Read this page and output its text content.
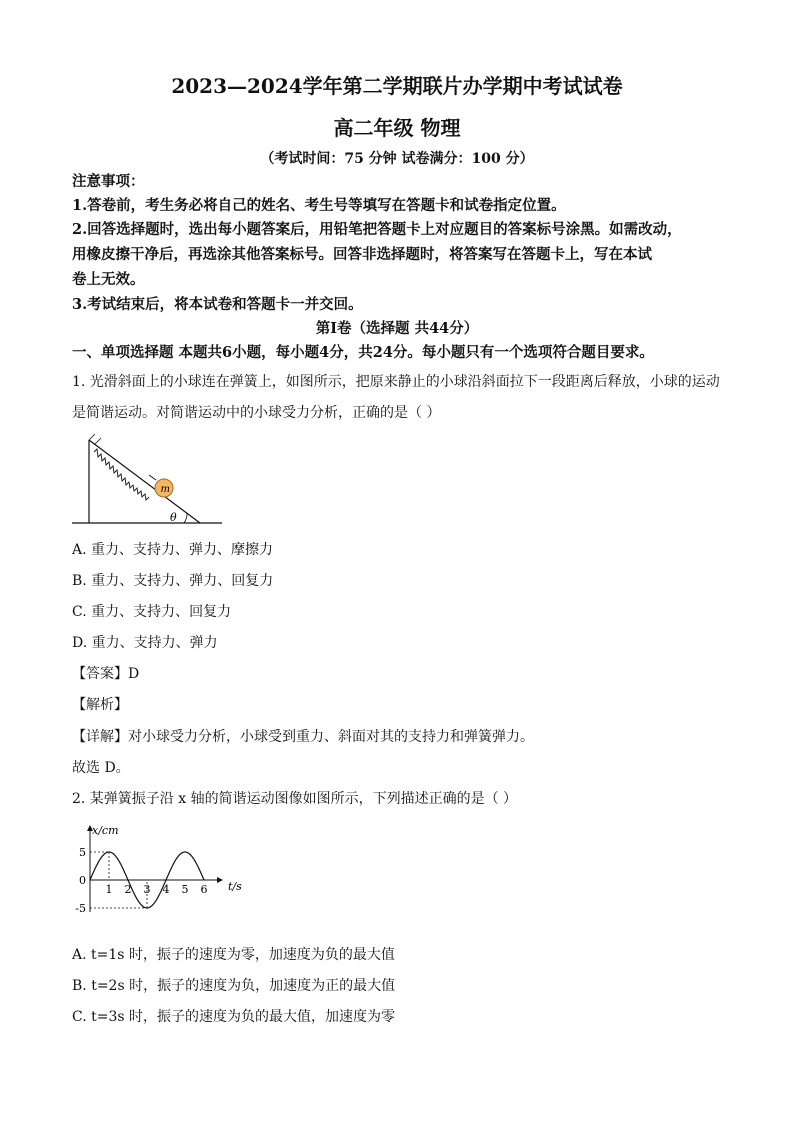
2023—2024学年第二学期联片办学期中考试试卷
高二年级 物理
（考试时间：75 分钟 试卷满分：100 分）
注意事项：
1.答卷前，考生务必将自己的姓名、考生号等填写在答题卡和试卷指定位置。
2.回答选择题时，选出每小题答案后，用铅笔把答题卡上对应题目的答案标号涂黑。如需改动，
用橡皮擦干净后，再选涂其他答案标号。回答非选择题时，将答案写在答题卡上，写在本试
卷上无效。
3.考试结束后，将本试卷和答题卡一并交回。
第Ⅰ卷（选择题 共44分）
一、单项选择题 本题共6小题，每小题4分，共24分。每小题只有一个选项符合题目要求。
1. 光滑斜面上的小球连在弹簧上，如图所示，把原来静止的小球沿斜面拉下一段距离后释放，小球的运动
是简谐运动。对简谐运动中的小球受力分析，正确的是（ ）
m
θ
A. 重力、支持力、弹力、摩擦力
B. 重力、支持力、弹力、回复力
C. 重力、支持力、回复力
D. 重力、支持力、弹力
【答案】D
【解析】
【详解】对小球受力分析，小球受到重力、斜面对其的支持力和弹簧弹力。
故选 D。
2. 某弹簧振子沿 x 轴的简谐运动图像如图所示，下列描述正确的是（ ）
x/cm
t/s
1 2 3 4 5 6
5
0
-5
A. t=1s 时，振子的速度为零，加速度为负的最大值
B. t=2s 时，振子的速度为负，加速度为正的最大值
C. t=3s 时，振子的速度为负的最大值，加速度为零
